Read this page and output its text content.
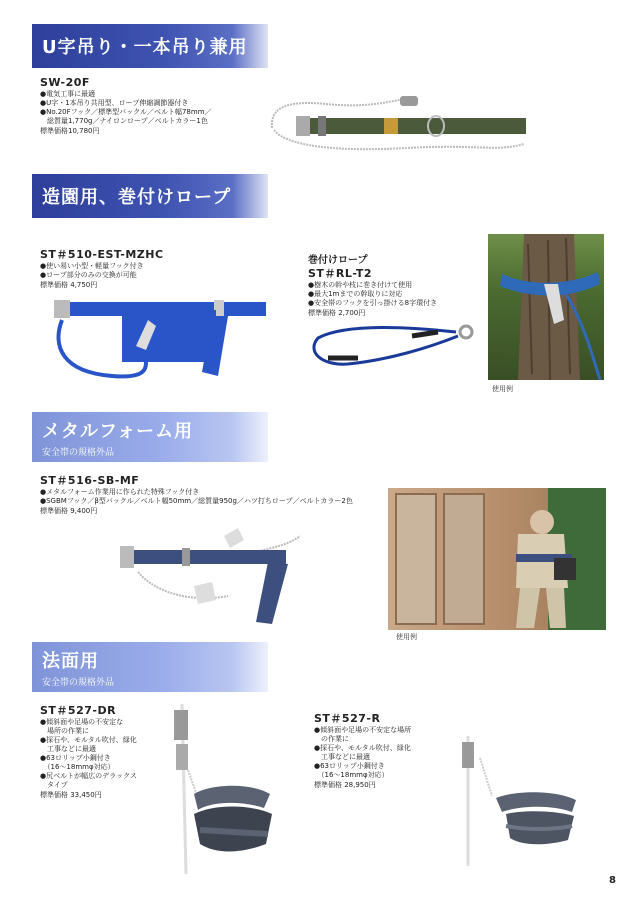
U字吊り・一本吊り兼用
SW-20F
●電気工事に最適
●U字・1本吊り共用型、ロープ伸縮調節器付き
●No.20Fフック／標準型バックル／ベルト幅78mm／
　総質量1,770g／ナイロンロープ／ベルトカラー1色
標準価格10,780円
造園用、巻付けロープ
ST＃510-EST-MZHC
●使い易い小型・軽量フック付き
●ロープ部分のみの交換が可能
標準価格 4,750円
巻付けロープ
ST＃RL-T2
●樹木の幹や枝に巻き付けて使用
●最大1mまでの幹取りに対応
●安全帯のフックを引っ掛ける8字環付き
標準価格 2,700円
使用例
メタルフォーム用
安全帯の規格外品
ST＃516-SB-MF
●メタルフォーム作業用に作られた特殊フック付き
●SGBMフック／β型バックル／ベルト幅50mm／総質量950g／ハツ打ちロープ／ベルトカラー2色
標準価格 9,400円
使用例
法面用
安全帯の規格外品
ST＃527-DR
●傾斜面や足場の不安定な
　場所の作業に
●採石や、モルタル吹付、緑化
　工事などに最適
●63ロリップ小鋼付き
　（16～18mmφ対応）
●尻ベルトが幅広のデラックス
　タイプ
標準価格 33,450円
ST＃527-R
●傾斜面や足場の不安定な場所
　の作業に
●採石や、モルタル吹付、緑化
　工事などに最適
●63ロリップ小鋼付き
　（16～18mmφ対応）
標準価格 28,950円
8
